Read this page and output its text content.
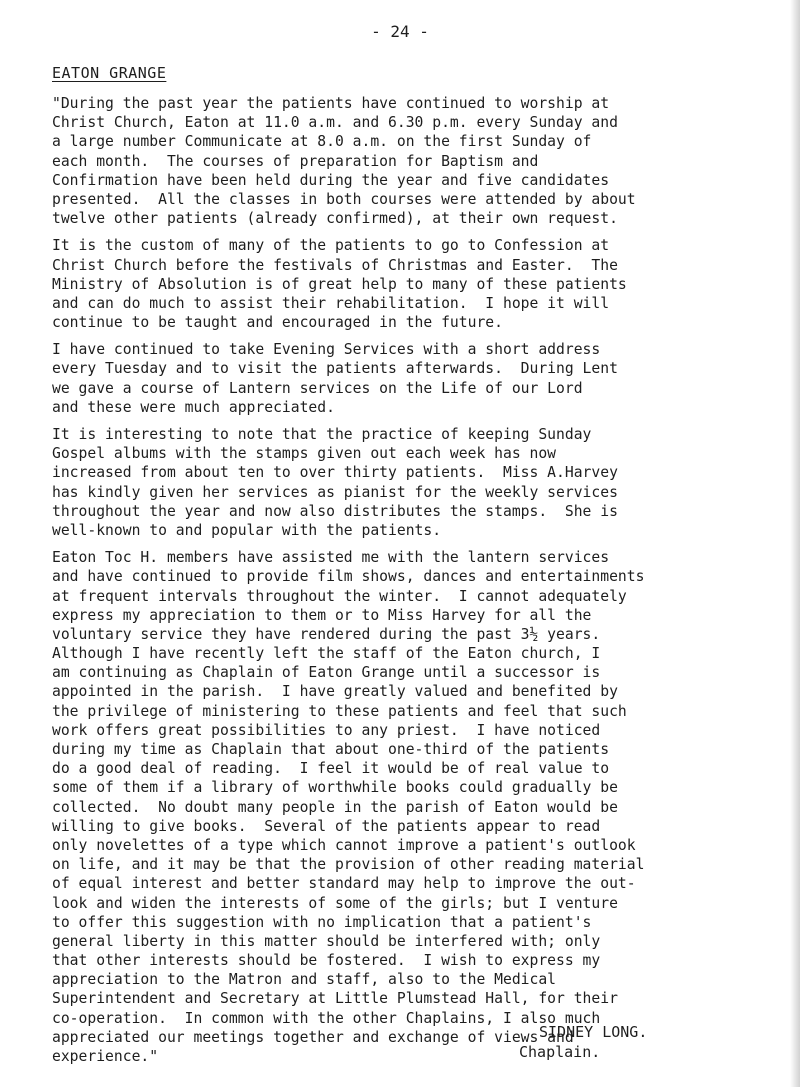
- 24 -
EATON GRANGE
"During the past year the patients have continued to worship at
Christ Church, Eaton at 11.0 a.m. and 6.30 p.m. every Sunday and
a large number Communicate at 8.0 a.m. on the first Sunday of
each month.  The courses of preparation for Baptism and
Confirmation have been held during the year and five candidates
presented.  All the classes in both courses were attended by about
twelve other patients (already confirmed), at their own request.
It is the custom of many of the patients to go to Confession at
Christ Church before the festivals of Christmas and Easter.  The
Ministry of Absolution is of great help to many of these patients
and can do much to assist their rehabilitation.  I hope it will
continue to be taught and encouraged in the future.
I have continued to take Evening Services with a short address
every Tuesday and to visit the patients afterwards.  During Lent
we gave a course of Lantern services on the Life of our Lord
and these were much appreciated.
It is interesting to note that the practice of keeping Sunday
Gospel albums with the stamps given out each week has now
increased from about ten to over thirty patients.  Miss A.Harvey
has kindly given her services as pianist for the weekly services
throughout the year and now also distributes the stamps.  She is
well-known to and popular with the patients.
Eaton Toc H. members have assisted me with the lantern services
and have continued to provide film shows, dances and entertainments
at frequent intervals throughout the winter.  I cannot adequately
express my appreciation to them or to Miss Harvey for all the
voluntary service they have rendered during the past 3½ years.
Although I have recently left the staff of the Eaton church, I
am continuing as Chaplain of Eaton Grange until a successor is
appointed in the parish.  I have greatly valued and benefited by
the privilege of ministering to these patients and feel that such
work offers great possibilities to any priest.  I have noticed
during my time as Chaplain that about one-third of the patients
do a good deal of reading.  I feel it would be of real value to
some of them if a library of worthwhile books could gradually be
collected.  No doubt many people in the parish of Eaton would be
willing to give books.  Several of the patients appear to read
only novelettes of a type which cannot improve a patient's outlook
on life, and it may be that the provision of other reading material
of equal interest and better standard may help to improve the out-
look and widen the interests of some of the girls; but I venture
to offer this suggestion with no implication that a patient's
general liberty in this matter should be interfered with; only
that other interests should be fostered.  I wish to express my
appreciation to the Matron and staff, also to the Medical
Superintendent and Secretary at Little Plumstead Hall, for their
co-operation.  In common with the other Chaplains, I also much
appreciated our meetings together and exchange of views and
experience."
SIDNEY LONG.
Chaplain.
